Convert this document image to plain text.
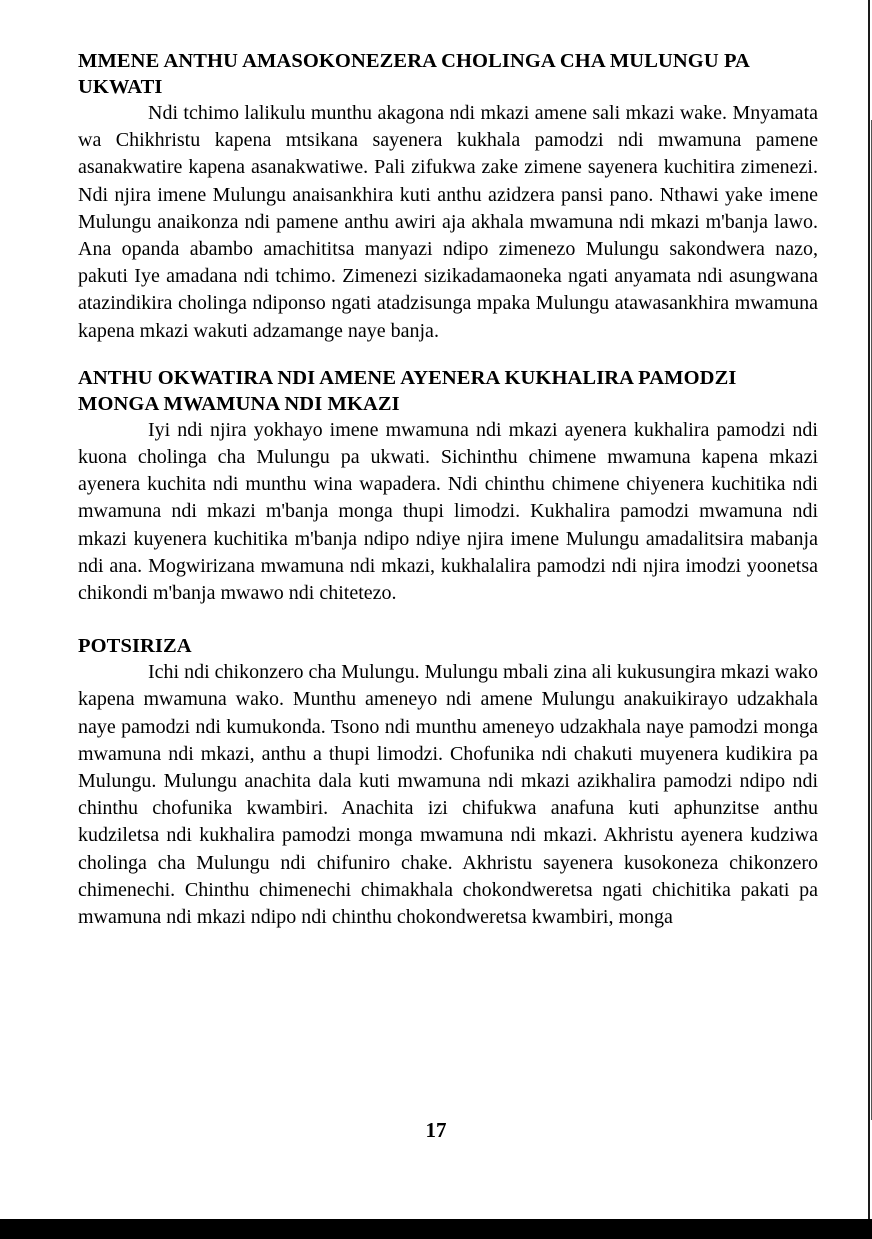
MMENE ANTHU AMASOKONEZERA CHOLINGA CHA MULUNGU PA UKWATI

Ndi tchimo lalikulu munthu akagona ndi mkazi amene sali mkazi wake. Mnyamata wa Chikhristu kapena mtsikana sayenera kukhala pamodzi ndi mwamuna pamene asanakwatire kapena asanakwatiwe. Pali zifukwa zake zimene sayenera kuchitira zimenezi. Ndi njira imene Mulungu anaisankhira kuti anthu azidzera pansi pano. Nthawi yake imene Mulungu anaikonza ndi pamene anthu awiri aja akhala mwamuna ndi mkazi m'banja lawo. Ana opanda abambo amachititsa manyazi ndipo zimenezo Mulungu sakondwera nazo, pakuti Iye amadana ndi tchimo. Zimenezi sizikadamaoneka ngati anyamata ndi asungwana atazindikira cholinga ndiponso ngati atadzisunga mpaka Mulungu atawasankhira mwamuna kapena mkazi wakuti adzamange naye banja.

ANTHU OKWATIRA NDI AMENE AYENERA KUKHALIRA PAMODZI MONGA MWAMUNA NDI MKAZI

Iyi ndi njira yokhayo imene mwamuna ndi mkazi ayenera kukhalira pamodzi ndi kuona cholinga cha Mulungu pa ukwati. Sichinthu chimene mwamuna kapena mkazi ayenera kuchita ndi munthu wina wapadera. Ndi chinthu chimene chiyenera kuchitika ndi mwamuna ndi mkazi m'banja monga thupi limodzi. Kukhalira pamodzi mwamuna ndi mkazi kuyenera kuchitika m'banja ndipo ndiye njira imene Mulungu amadalitsira mabanja ndi ana. Mogwirizana mwamuna ndi mkazi, kukhalalira pamodzi ndi njira imodzi yoonetsa chikondi m'banja mwawo ndi chitetezo.

POTSIRIZA

Ichi ndi chikonzero cha Mulungu. Mulungu mbali zina ali kukusungira mkazi wako kapena mwamuna wako. Munthu ameneyo ndi amene Mulungu anakuikirayo udzakhala naye pamodzi ndi kumukonda. Tsono ndi munthu ameneyo udzakhala naye pamodzi monga mwamuna ndi mkazi, anthu a thupi limodzi. Chofunika ndi chakuti muyenera kudikira pa Mulungu. Mulungu anachita dala kuti mwamuna ndi mkazi azikhalira pamodzi ndipo ndi chinthu chofunika kwambiri. Anachita izi chifukwa anafuna kuti aphunzitse anthu kudziletsa ndi kukhalira pamodzi monga mwamuna ndi mkazi. Akhristu ayenera kudziwa cholinga cha Mulungu ndi chifuniro chake. Akhristu sayenera kusokoneza chikonzero chimenechi. Chinthu chimenechi chimakhala chokondweretsa ngati chichitika pakati pa mwamuna ndi mkazi ndipo ndi chinthu chokondweretsa kwambiri, monga

17
